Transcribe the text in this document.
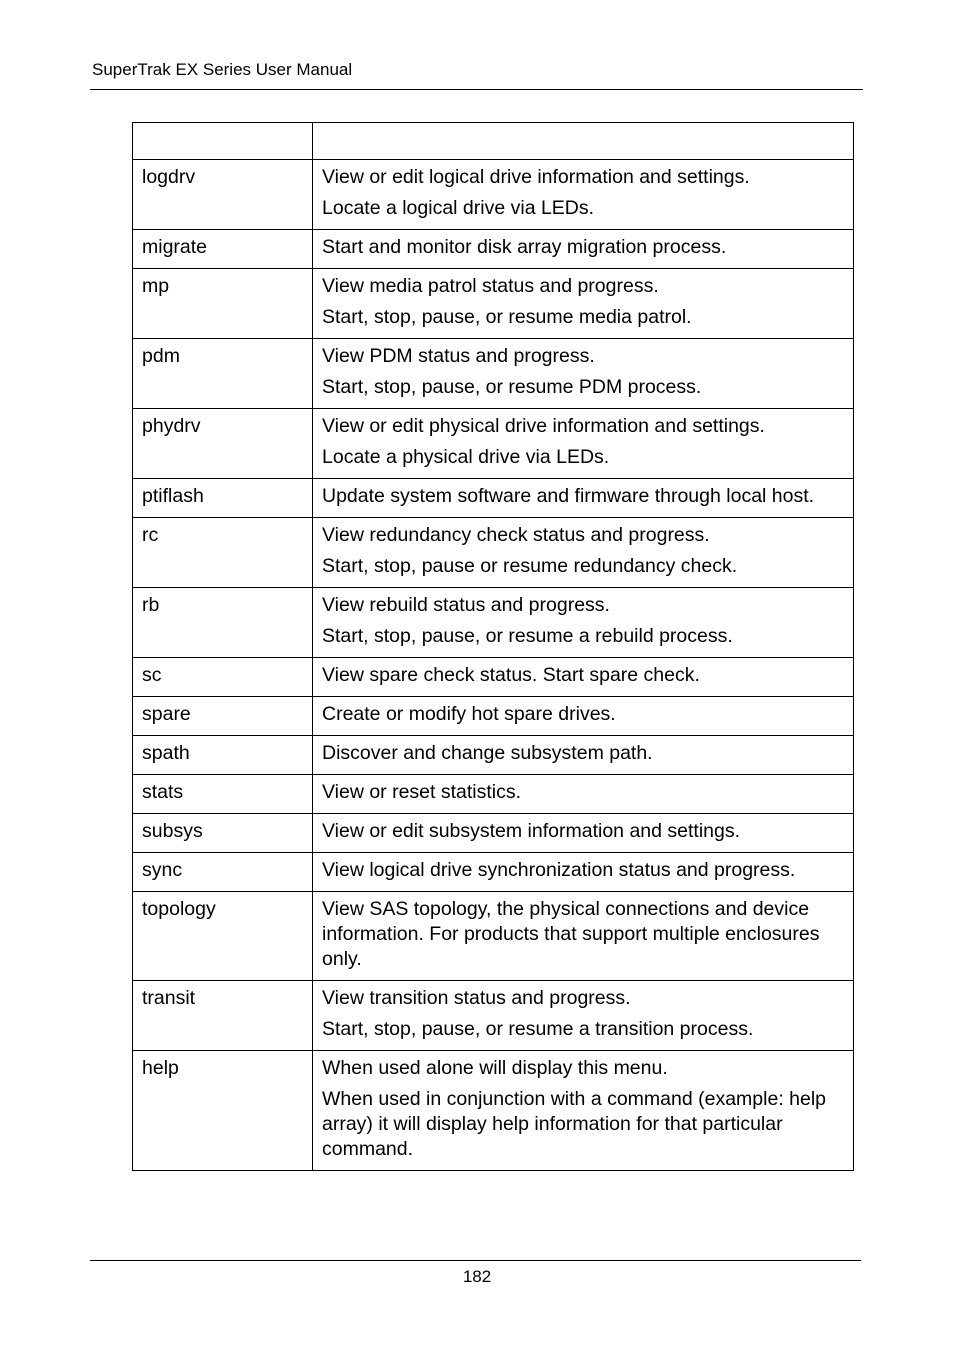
SuperTrak EX Series User Manual

logdrv	View or edit logical drive information and settings.
Locate a logical drive via LEDs.

migrate	Start and monitor disk array migration process.

mp	View media patrol status and progress.
Start, stop, pause, or resume media patrol.

pdm	View PDM status and progress.
Start, stop, pause, or resume PDM process.

phydrv	View or edit physical drive information and settings.
Locate a physical drive via LEDs.

ptiflash	Update system software and firmware through local host.

rc	View redundancy check status and progress.
Start, stop, pause or resume redundancy check.

rb	View rebuild status and progress.
Start, stop, pause, or resume a rebuild process.

sc	View spare check status. Start spare check.

spare	Create or modify hot spare drives.

spath	Discover and change subsystem path.

stats	View or reset statistics.

subsys	View or edit subsystem information and settings.

sync	View logical drive synchronization status and progress.

topology	View SAS topology, the physical connections and device information. For products that support multiple enclosures only.

transit	View transition status and progress.
Start, stop, pause, or resume a transition process.

help	When used alone will display this menu.
When used in conjunction with a command (example: help array) it will display help information for that particular command.
182
